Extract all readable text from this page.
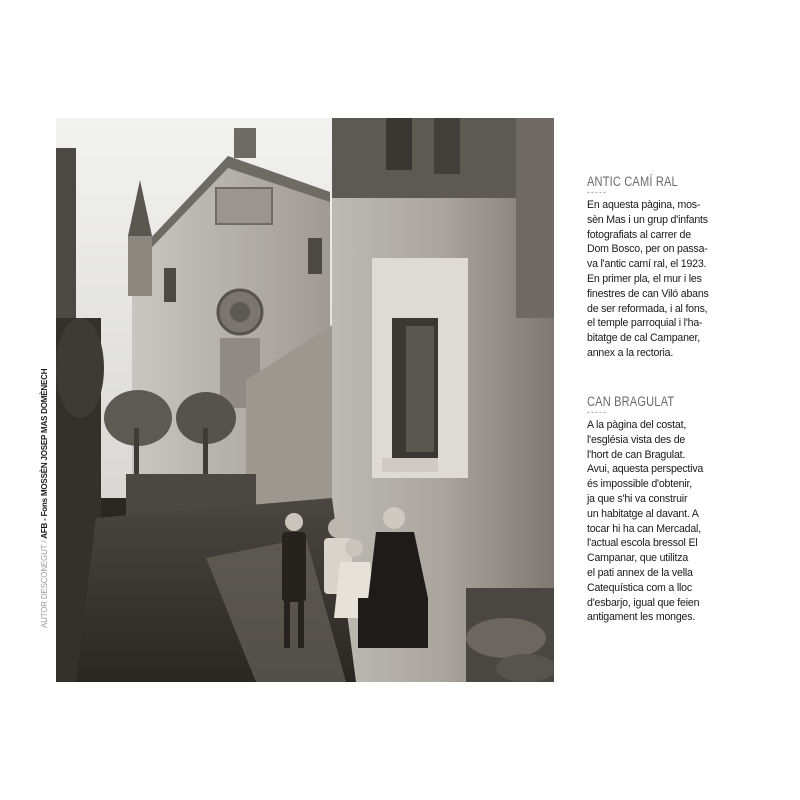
AUTOR DESCONEGUT / AFB - Fons MOSSÈN JOSEP MAS DOMÈNECH
ANTIC CAMÍ RAL
-----
En aquesta pàgina, mos-
sèn Mas i un grup d'infants
fotografiats al carrer de
Dom Bosco, per on passa-
va l'antic camí ral, el 1923.
En primer pla, el mur i les
finestres de can Viló abans
de ser reformada, i al fons,
el temple parroquial i l'ha-
bitatge de cal Campaner,
annex a la rectoria.
CAN BRAGULAT
-----
A la pàgina del costat,
l'església vista des de
l'hort de can Bragulat.
Avui, aquesta perspectiva
és impossible d'obtenir,
ja que s'hi va construir
un habitatge al davant. A
tocar hi ha can Mercadal,
l'actual escola bressol El
Campanar, que utilitza
el pati annex de la vella
Catequística com a lloc
d'esbarjo, igual que feien
antigament les monges.
